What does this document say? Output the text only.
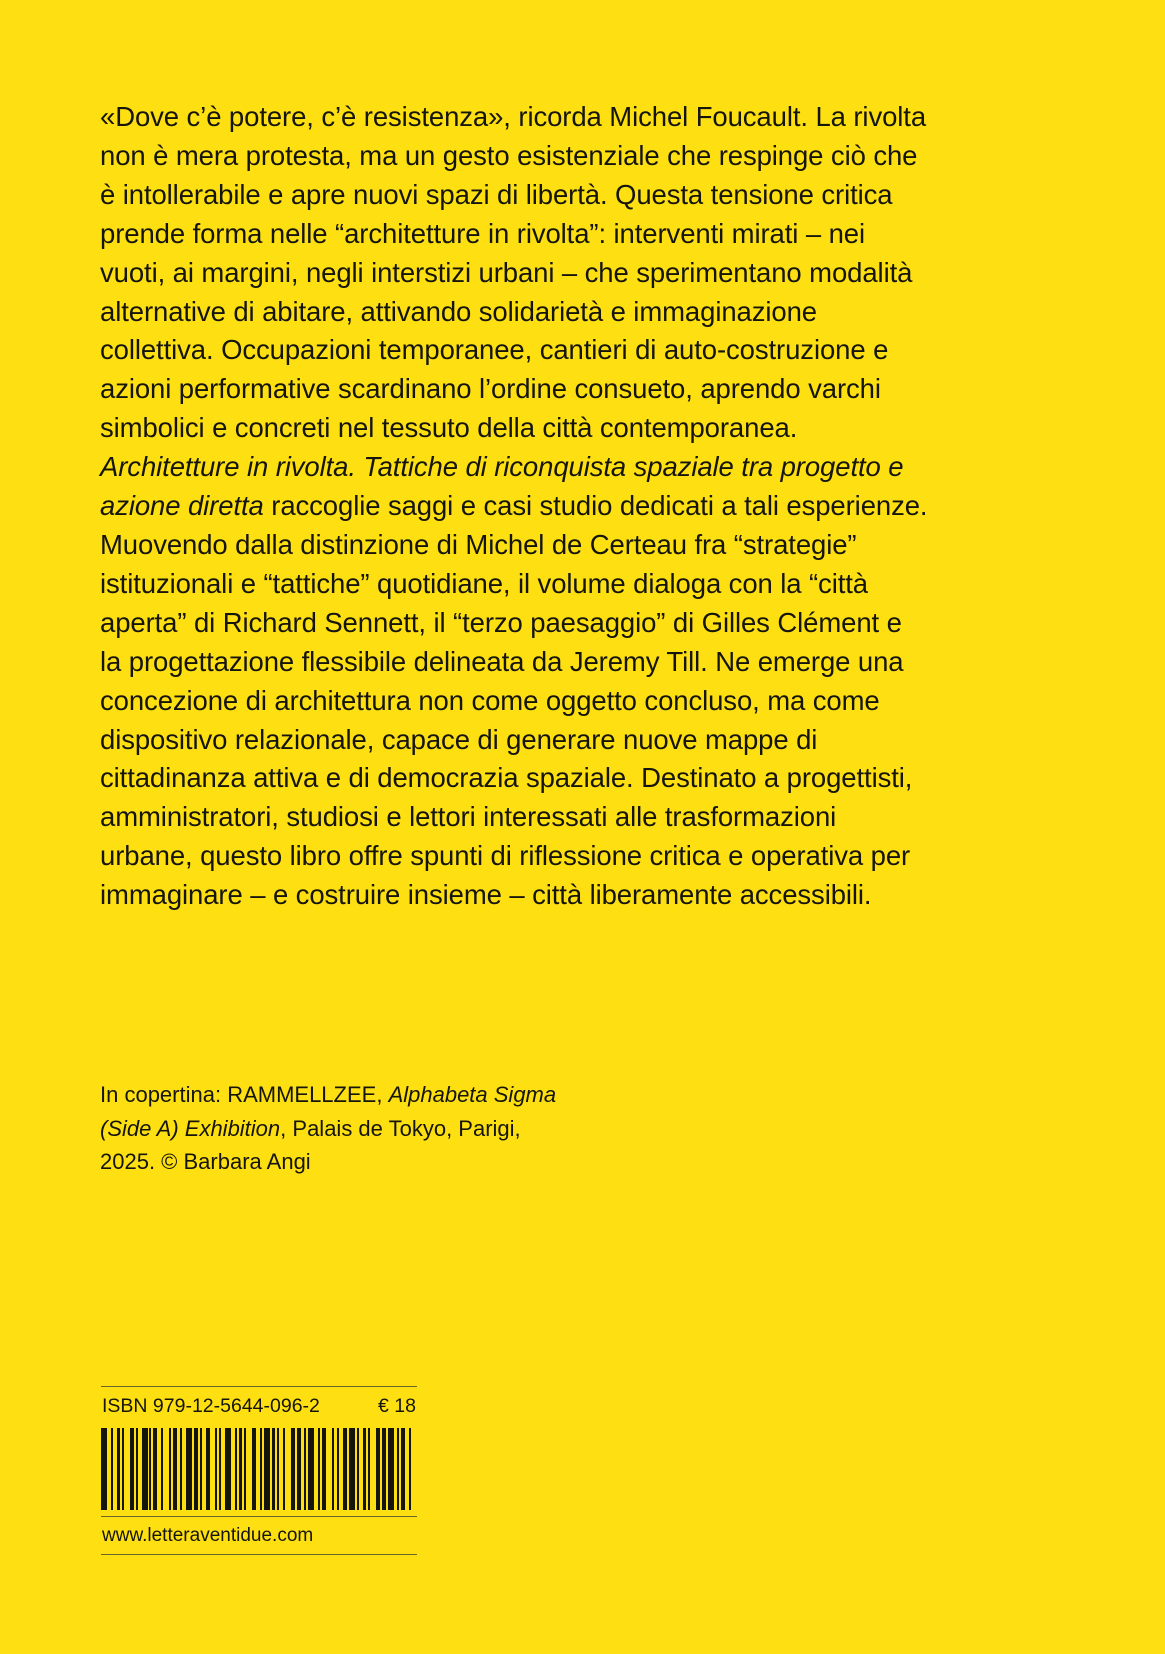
«Dove c’è potere, c’è resistenza», ricorda Michel Foucault. La rivolta non è mera protesta, ma un gesto esistenziale che respinge ciò che è intollerabile e apre nuovi spazi di libertà. Questa tensione critica prende forma nelle “architetture in rivolta”: interventi mirati – nei vuoti, ai margini, negli interstizi urbani – che sperimentano modalità alternative di abitare, attivando solidarietà e immaginazione collettiva. Occupazioni temporanee, cantieri di auto-costruzione e azioni performative scardinano l’ordine consueto, aprendo varchi simbolici e concreti nel tessuto della città contemporanea. Architetture in rivolta. Tattiche di riconquista spaziale tra progetto e azione diretta raccoglie saggi e casi studio dedicati a tali esperienze. Muovendo dalla distinzione di Michel de Certeau fra “strategie” istituzionali e “tattiche” quotidiane, il volume dialoga con la “città aperta” di Richard Sennett, il “terzo paesaggio” di Gilles Clément e la progettazione flessibile delineata da Jeremy Till. Ne emerge una concezione di architettura non come oggetto concluso, ma come dispositivo relazionale, capace di generare nuove mappe di cittadinanza attiva e di democrazia spaziale. Destinato a progettisti, amministratori, studiosi e lettori interessati alle trasformazioni urbane, questo libro offre spunti di riflessione critica e operativa per immaginare – e costruire insieme – città liberamente accessibili.

In copertina: RAMMELLZEE, Alphabeta Sigma (Side A) Exhibition, Palais de Tokyo, Parigi, 2025. © Barbara Angi

ISBN 979-12-5644-096-2	€ 18
www.letteraventidue.com
